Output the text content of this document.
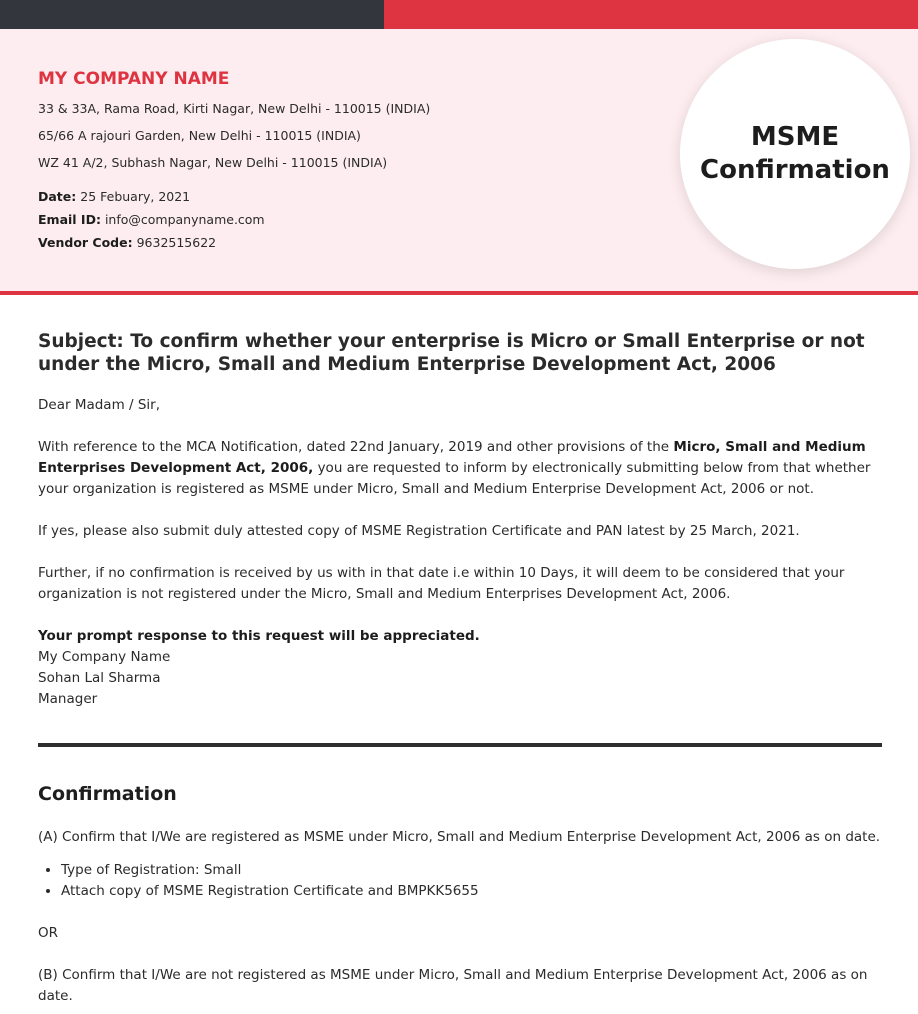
MY COMPANY NAME
33 & 33A, Rama Road, Kirti Nagar, New Delhi - 110015 (INDIA)
65/66 A rajouri Garden, New Delhi - 110015 (INDIA)
WZ 41 A/2, Subhash Nagar, New Delhi - 110015 (INDIA)
Date: 25 Febuary, 2021
Email ID: info@companyname.com
Vendor Code: 9632515622
MSME
Confirmation
Subject: To confirm whether your enterprise is Micro or Small Enterprise or not under the Micro, Small and Medium Enterprise Development Act, 2006
Dear Madam / Sir,
With reference to the MCA Notification, dated 22nd January, 2019 and other provisions of the Micro, Small and Medium Enterprises Development Act, 2006, you are requested to inform by electronically submitting below from that whether your organization is registered as MSME under Micro, Small and Medium Enterprise Development Act, 2006 or not.
If yes, please also submit duly attested copy of MSME Registration Certificate and PAN latest by 25 March, 2021.
Further, if no confirmation is received by us with in that date i.e within 10 Days, it will deem to be considered that your organization is not registered under the Micro, Small and Medium Enterprises Development Act, 2006.
Your prompt response to this request will be appreciated.
My Company Name
Sohan Lal Sharma
Manager
Confirmation
(A) Confirm that I/We are registered as MSME under Micro, Small and Medium Enterprise Development Act, 2006 as on date.
• Type of Registration: Small
• Attach copy of MSME Registration Certificate and BMPKK5655
OR
(B) Confirm that I/We are not registered as MSME under Micro, Small and Medium Enterprise Development Act, 2006 as on date.
